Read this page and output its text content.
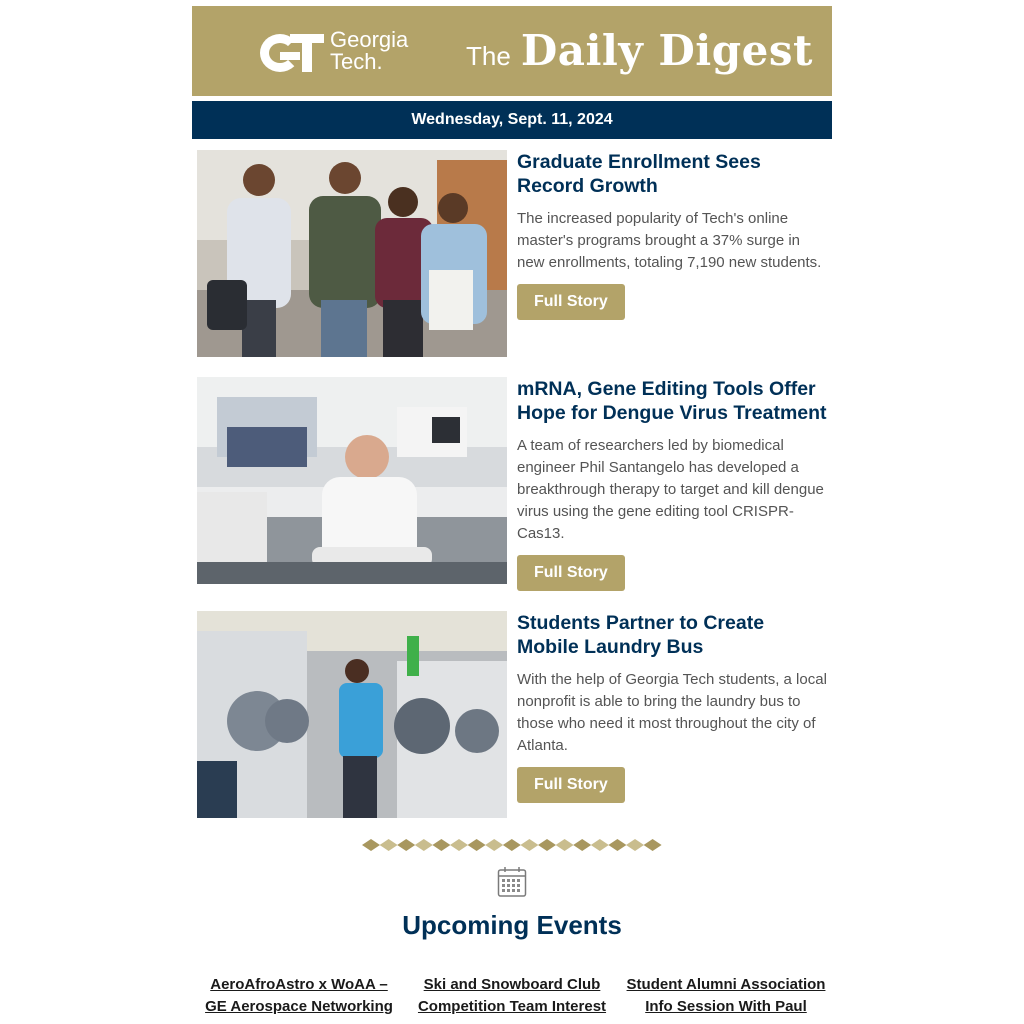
Georgia
Tech.	The Daily Digest
Wednesday, Sept. 11, 2024
Graduate Enrollment Sees Record Growth
The increased popularity of Tech's online master's programs brought a 37% surge in new enrollments, totaling 7,190 new students.
Full Story
mRNA, Gene Editing Tools Offer Hope for Dengue Virus Treatment
A team of researchers led by biomedical engineer Phil Santangelo has developed a breakthrough therapy to target and kill dengue virus using the gene editing tool CRISPR-Cas13.
Full Story
Students Partner to Create Mobile Laundry Bus
With the help of Georgia Tech students, a local nonprofit is able to bring the laundry bus to those who need it most throughout the city of Atlanta.
Full Story
Upcoming Events
AeroAfroAstro x WoAA – GE Aerospace Networking
Ski and Snowboard Club Competition Team Interest
Student Alumni Association Info Session With Paul
